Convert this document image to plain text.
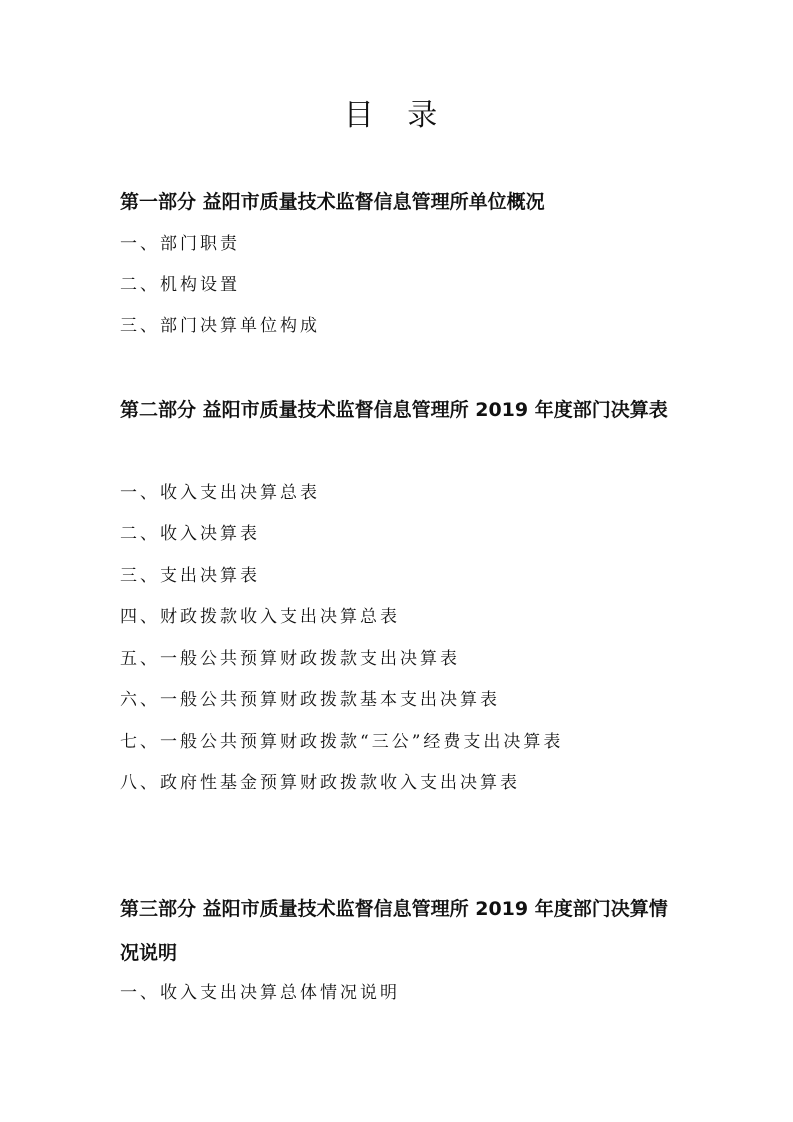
目 录
第一部分 益阳市质量技术监督信息管理所单位概况
一、部门职责
二、机构设置
三、部门决算单位构成
第二部分 益阳市质量技术监督信息管理所 2019 年度部门决算表
一、收入支出决算总表
二、收入决算表
三、支出决算表
四、财政拨款收入支出决算总表
五、一般公共预算财政拨款支出决算表
六、一般公共预算财政拨款基本支出决算表
七、一般公共预算财政拨款“三公”经费支出决算表
八、政府性基金预算财政拨款收入支出决算表
第三部分 益阳市质量技术监督信息管理所 2019 年度部门决算情况说明
一、收入支出决算总体情况说明
